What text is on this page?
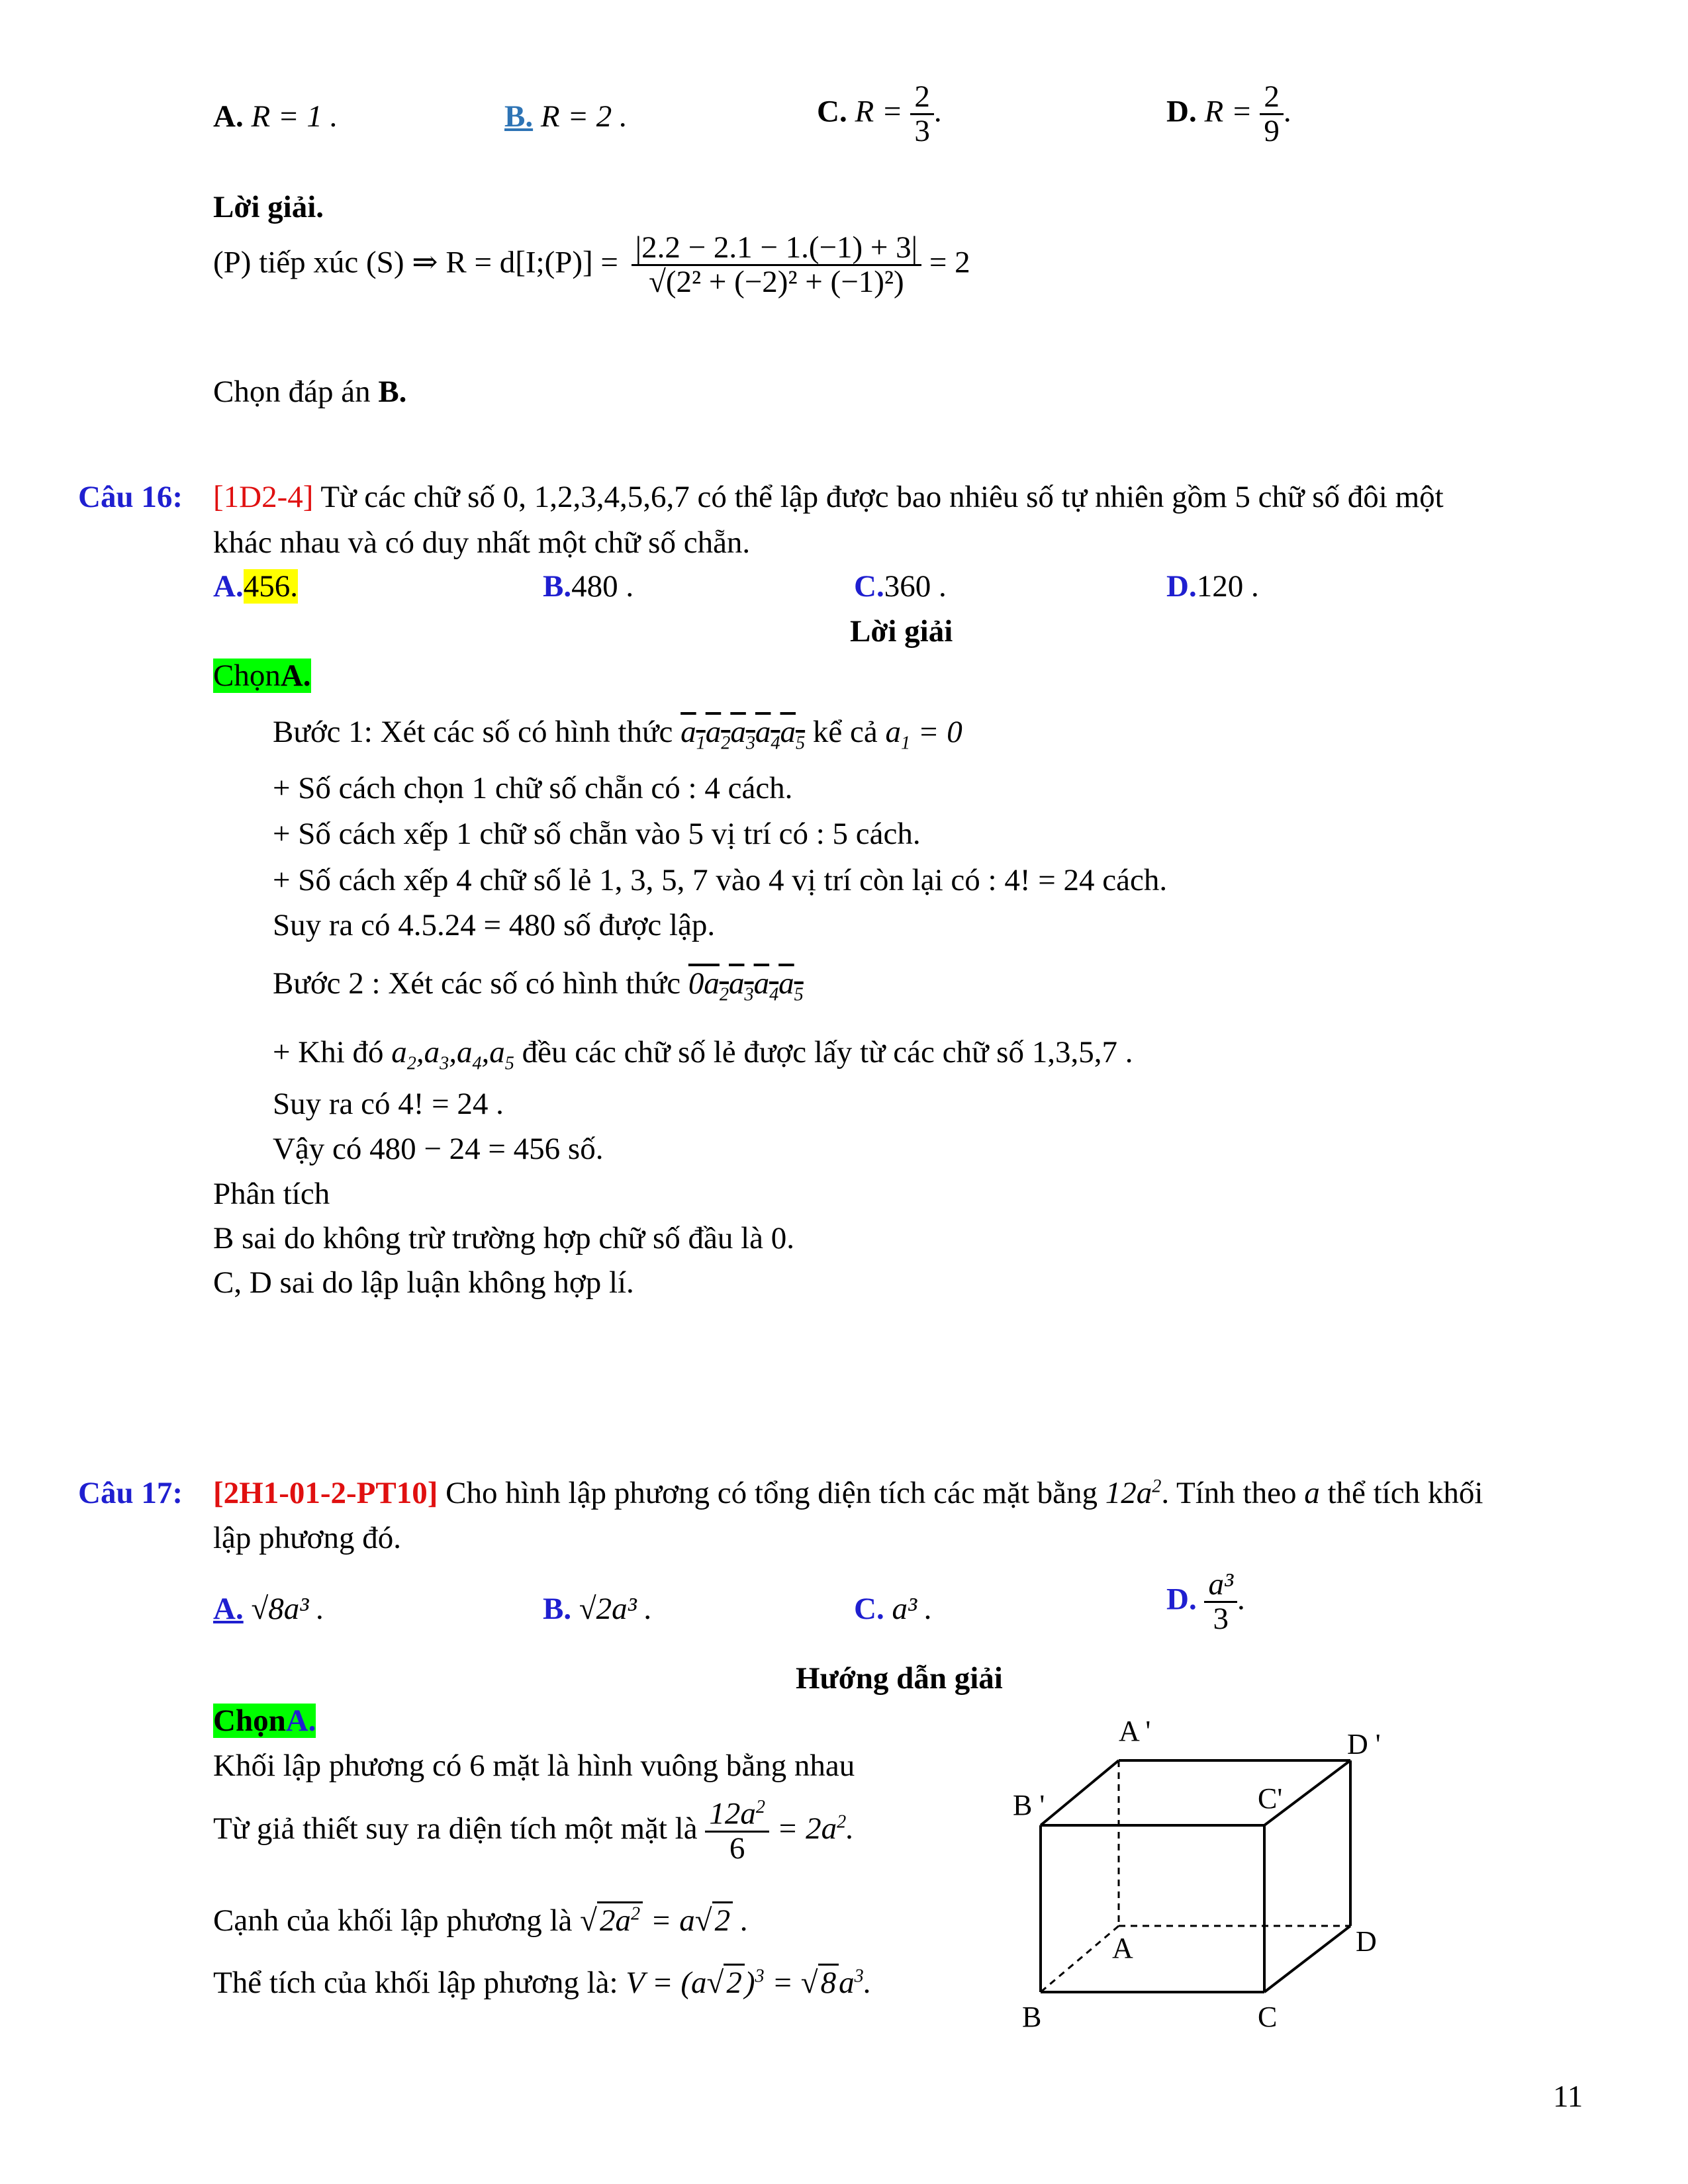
A. R = 1 .	B. R = 2 .	C. $R = \frac{2}{3}$ .	D. $R = \frac{2}{9}$ .
Lời giải.
(P) tiếp xúc (S) ⇒ R = d[I;(P)] = $\frac{|2.2 - 2.1 - 1.(-1) + 3|}{\text{√(2² + (−2)² + (−1)²)}} = 2$
Chọn đáp án B.
Câu 16: [1D2-4] Từ các chữ số 0, 1,2,3,4,5,6,7 có thể lập được bao nhiêu số tự nhiên gồm 5 chữ số đôi một
khác nhau và có duy nhất một chữ số chẵn.
A.456.	B.480 .	C.360 .	D.120 .
Lời giải
ChọnA.
Bước 1: Xét các số có hình thức $a_1a_2a_3a_4a_5$ kể cả $a_1 = 0$
+ Số cách chọn 1 chữ số chẵn có : 4 cách.
+ Số cách xếp 1 chữ số chẵn vào 5 vị trí có : 5 cách.
+ Số cách xếp 4 chữ số lẻ 1, 3, 5, 7 vào 4 vị trí còn lại có : 4! = 24 cách.
Suy ra có 4.5.24 = 480 số được lập.
Bước 2 : Xét các số có hình thức $0a_2a_3a_4a_5$
+ Khi đó $a_2,a_3,a_4,a_5$ đều các chữ số lẻ được lấy từ các chữ số 1,3,5,7 .
Suy ra có 4! = 24 .
Vậy có 480 − 24 = 456 số.
Phân tích
B sai do không trừ trường hợp chữ số đầu là 0.
C, D sai do lập luận không hợp lí.
Câu 17: [2H1-01-2-PT10] Cho hình lập phương có tổng diện tích các mặt bằng $12a^2$. Tính theo a thể tích khối
lập phương đó.
A. √8a³ .	B. √2a³ .	C. a³ .	D. $\frac{\text{a³}}{3}$ .
Hướng dẫn giải
ChọnA.
Khối lập phương có 6 mặt là hình vuông bằng nhau
Từ giả thiết suy ra diện tích một mặt là $\frac{12a^2}{6} = 2a^2$.
Cạnh của khối lập phương là $√2a^2 = a√2$ .
Thể tích của khối lập phương là: $V = (a√2)^3 = √8a^3$.
A '	D '
B '	C'
A	D
B	C
11
